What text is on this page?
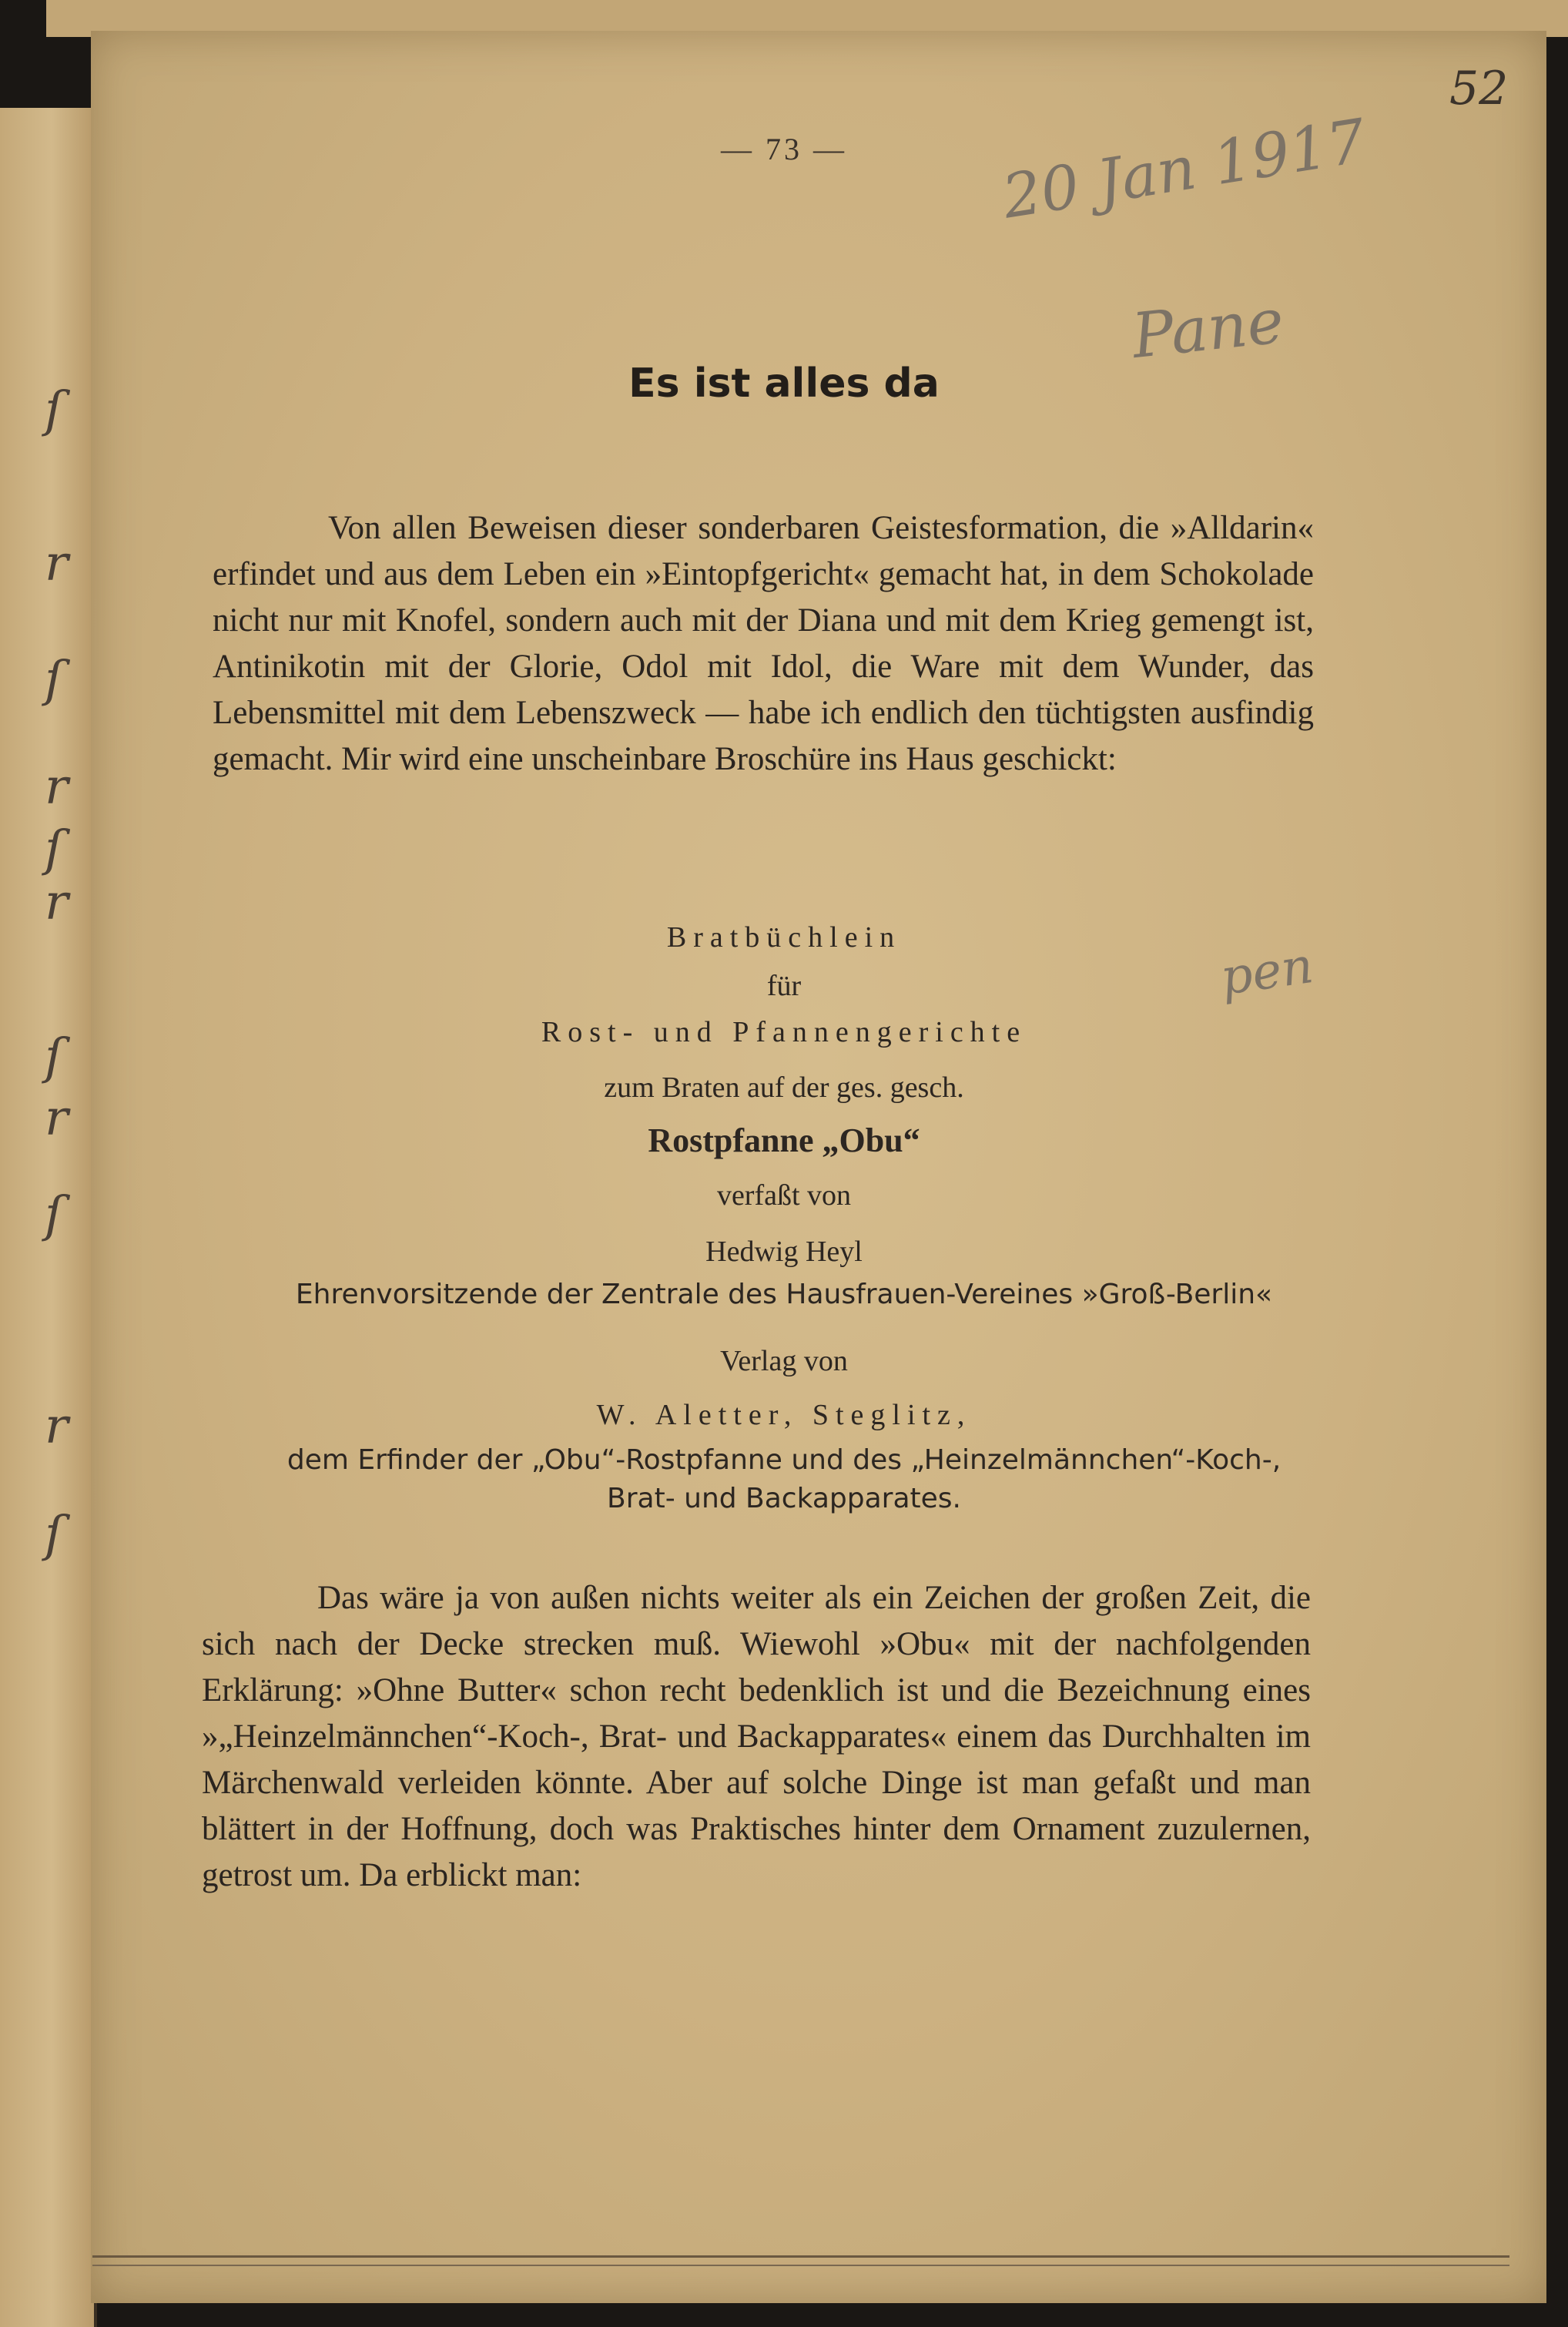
ſ
r
ſ
r
ſ
r
ſ
r
ſ
r
ſ
— 73 —	20 Jan 1917
Pane
pen
52
Es ist alles da

Von allen Beweisen dieser sonderbaren Geistesformation, die »Alldarin« erfindet und aus dem Leben ein »Eintopfgericht« gemacht hat, in dem Schokolade nicht nur mit Knofel, sondern auch mit der Diana und mit dem Krieg gemengt ist, Antinikotin mit der Glorie, Odol mit Idol, die Ware mit dem Wunder, das Lebensmittel mit dem Lebenszweck — habe ich endlich den tüchtigsten ausfindig gemacht. Mir wird eine unscheinbare Broschüre ins Haus geschickt:

Bratbüchlein
für
Rost- und Pfannengerichte
zum Braten auf der ges. gesch.
Rostpfanne „Obu“
verfaßt von
Hedwig Heyl
Ehrenvorsitzende der Zentrale des Hausfrauen-Vereines »Groß-Berlin«
Verlag von
W. Aletter, Steglitz,
dem Erfinder der „Obu“-Rostpfanne und des „Heinzelmännchen“-Koch-,
Brat- und Backapparates.

Das wäre ja von außen nichts weiter als ein Zeichen der großen Zeit, die sich nach der Decke strecken muß. Wiewohl »Obu« mit der nachfolgenden Erklärung: »Ohne Butter« schon recht bedenklich ist und die Bezeichnung eines »„Heinzelmännchen“-Koch-, Brat- und Backapparates« einem das Durchhalten im Märchenwald verleiden könnte. Aber auf solche Dinge ist man gefaßt und man blättert in der Hoffnung, doch was Praktisches hinter dem Ornament zuzulernen, getrost um. Da erblickt man:
